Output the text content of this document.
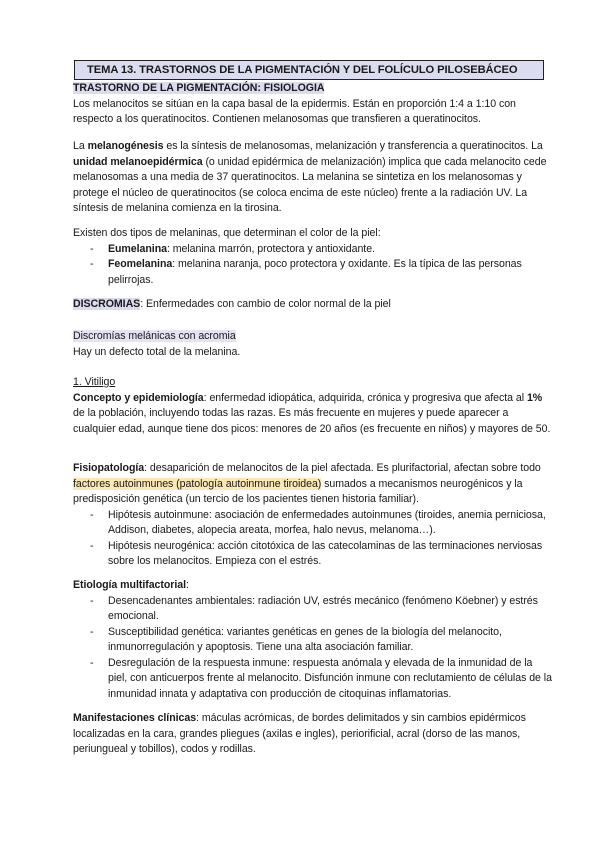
TEMA 13. TRASTORNOS DE LA PIGMENTACIÓN Y DEL FOLÍCULO PILOSEBÁCEO

TRASTORNO DE LA PIGMENTACIÓN: FISIOLOGIA

Los melanocitos se sitúan en la capa basal de la epidermis. Están en proporción 1:4 a 1:10 con respecto a los queratinocitos. Contienen melanosomas que transfieren a queratinocitos.

La melanogénesis es la síntesis de melanosomas, melanización y transferencia a queratinocitos. La unidad melanoepidérmica (o unidad epidérmica de melanización) implica que cada melanocito cede melanosomas a una media de 37 queratinocitos. La melanina se sintetiza en los melanosomas y protege el núcleo de queratinocitos (se coloca encima de este núcleo) frente a la radiación UV. La síntesis de melanina comienza en la tirosina.

Existen dos tipos de melaninas, que determinan el color de la piel:

- Eumelanina: melanina marrón, protectora y antioxidante.
- Feomelanina: melanina naranja, poco protectora y oxidante. Es la típica de las personas pelirrojas.

DISCROMIAS: Enfermedades con cambio de color normal de la piel

Discromías melánicas con acromia

Hay un defecto total de la melanina.

1. Vitiligo

Concepto y epidemiología: enfermedad idiopática, adquirida, crónica y progresiva que afecta al 1% de la población, incluyendo todas las razas. Es más frecuente en mujeres y puede aparecer a cualquier edad, aunque tiene dos picos: menores de 20 años (es frecuente en niños) y mayores de 50.

Fisiopatología: desaparición de melanocitos de la piel afectada. Es plurifactorial, afectan sobre todo factores autoinmunes (patología autoinmune tiroidea) sumados a mecanismos neurogénicos y la predisposición genética (un tercio de los pacientes tienen historia familiar).

- Hipótesis autoinmune: asociación de enfermedades autoinmunes (tiroides, anemia perniciosa, Addison, diabetes, alopecia areata, morfea, halo nevus, melanoma…).
- Hipótesis neurogénica: acción citotóxica de las catecolaminas de las terminaciones nerviosas sobre los melanocitos. Empieza con el estrés.

Etiología multifactorial:

- Desencadenantes ambientales: radiación UV, estrés mecánico (fenómeno Köebner) y estrés emocional.
- Susceptibilidad genética: variantes genéticas en genes de la biología del melanocito, inmunorregulación y apoptosis. Tiene una alta asociación familiar.
- Desregulación de la respuesta inmune: respuesta anómala y elevada de la inmunidad de la piel, con anticuerpos frente al melanocito. Disfunción inmune con reclutamiento de células de la inmunidad innata y adaptativa con producción de citoquinas inflamatorias.

Manifestaciones clínicas: máculas acrómicas, de bordes delimitados y sin cambios epidérmicos localizadas en la cara, grandes pliegues (axilas e ingles), periorificial, acral (dorso de las manos, periungueal y tobillos), codos y rodillas.
